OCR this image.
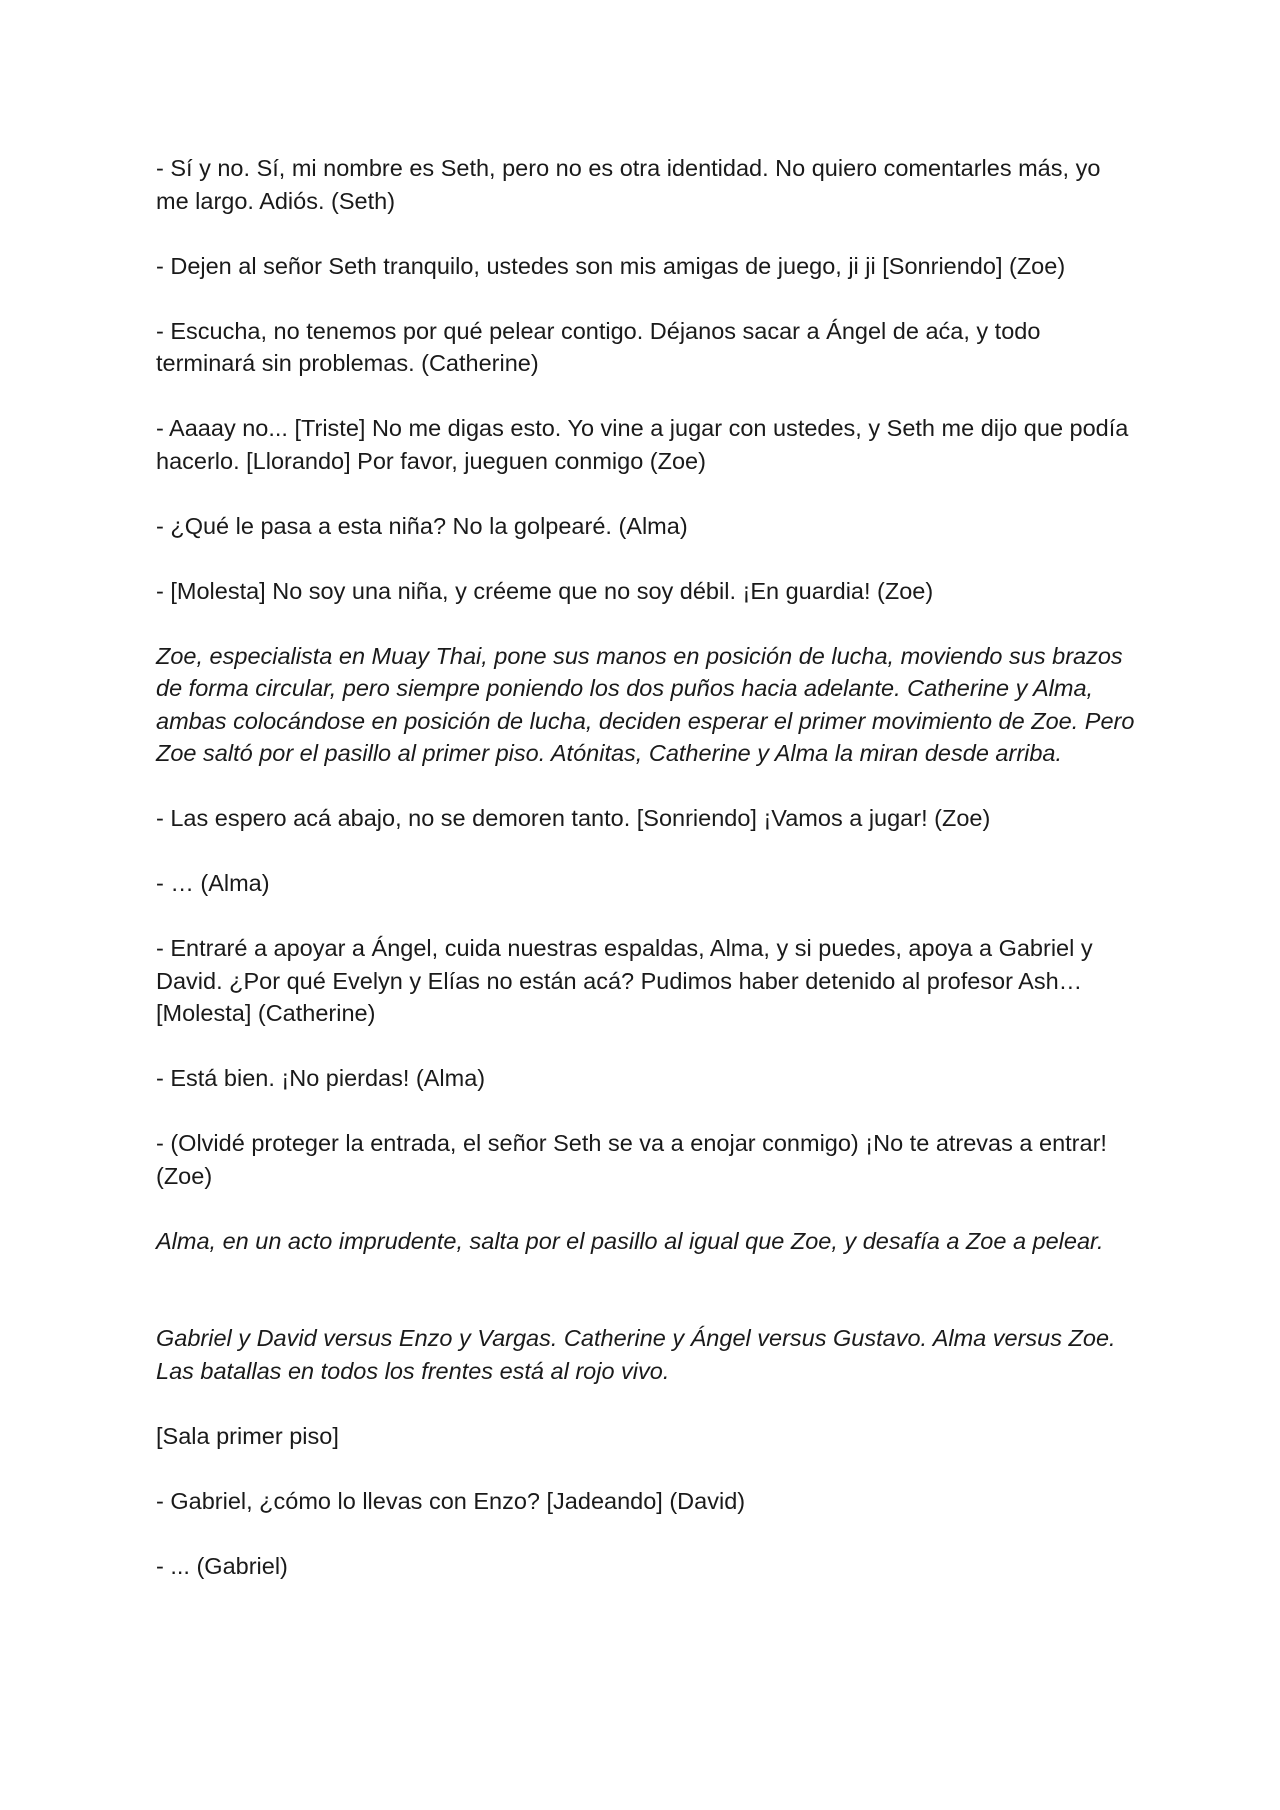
- Sí y no. Sí, mi nombre es Seth, pero no es otra identidad. No quiero comentarles más, yo me largo. Adiós. (Seth)

- Dejen al señor Seth tranquilo, ustedes son mis amigas de juego, ji ji [Sonriendo] (Zoe)

- Escucha, no tenemos por qué pelear contigo. Déjanos sacar a Ángel de aća, y todo terminará sin problemas. (Catherine)

- Aaaay no... [Triste] No me digas esto. Yo vine a jugar con ustedes, y Seth me dijo que podía hacerlo. [Llorando] Por favor, jueguen conmigo (Zoe)

- ¿Qué le pasa a esta niña? No la golpearé. (Alma)

- [Molesta] No soy una niña, y créeme que no soy débil. ¡En guardia! (Zoe)

Zoe, especialista en Muay Thai, pone sus manos en posición de lucha, moviendo sus brazos de forma circular, pero siempre poniendo los dos puños hacia adelante. Catherine y Alma, ambas colocándose en posición de lucha, deciden esperar el primer movimiento de Zoe. Pero Zoe saltó por el pasillo al primer piso. Atónitas, Catherine y Alma la miran desde arriba.

- Las espero acá abajo, no se demoren tanto. [Sonriendo] ¡Vamos a jugar! (Zoe)

- … (Alma)

- Entraré a apoyar a Ángel, cuida nuestras espaldas, Alma, y si puedes, apoya a Gabriel y David. ¿Por qué Evelyn y Elías no están acá? Pudimos haber detenido al profesor Ash… [Molesta] (Catherine)

- Está bien. ¡No pierdas! (Alma)

- (Olvidé proteger la entrada, el señor Seth se va a enojar conmigo) ¡No te atrevas a entrar! (Zoe)

Alma, en un acto imprudente, salta por el pasillo al igual que Zoe, y desafía a Zoe a pelear.

Gabriel y David versus Enzo y Vargas. Catherine y Ángel versus Gustavo. Alma versus Zoe. Las batallas en todos los frentes está al rojo vivo.

[Sala primer piso]

- Gabriel, ¿cómo lo llevas con Enzo? [Jadeando] (David)

- ... (Gabriel)
